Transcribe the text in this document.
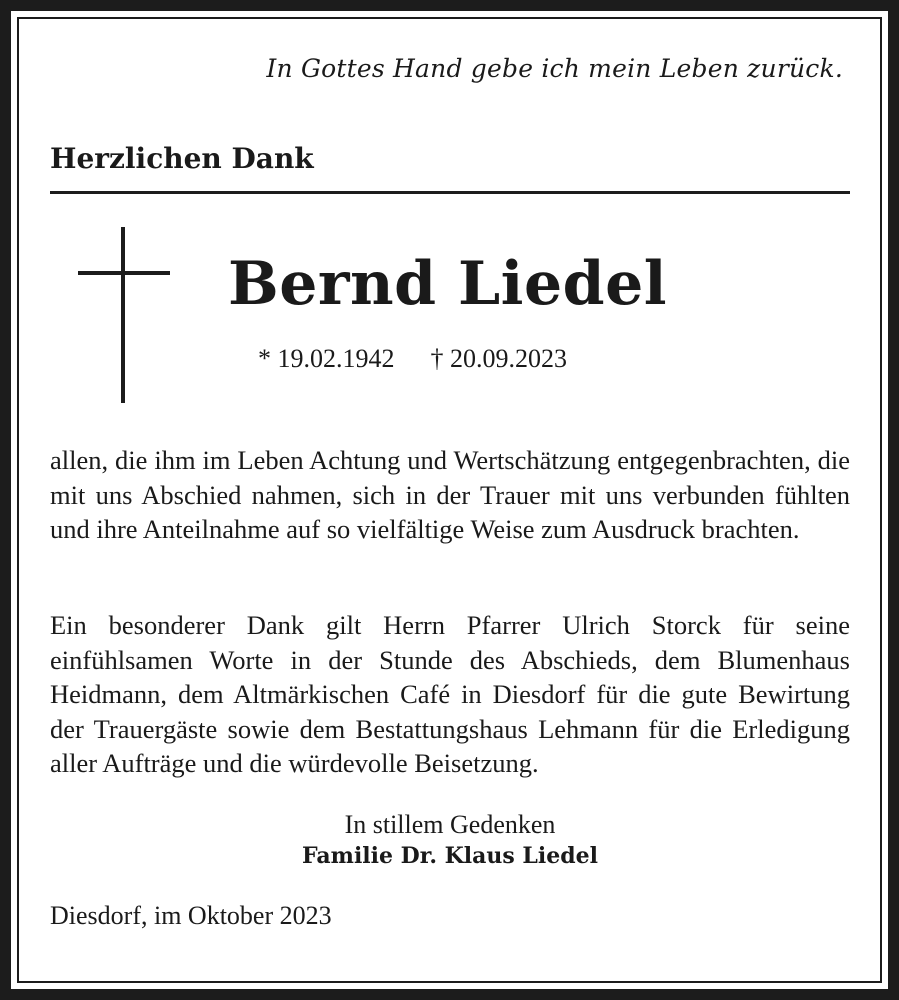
In Gottes Hand gebe ich mein Leben zurück.
Herzlichen Dank
Bernd Liedel
* 19.02.1942 † 20.09.2023
allen, die ihm im Leben Achtung und Wertschätzung entgegenbrachten, die mit uns Abschied nahmen, sich in der Trauer mit uns verbunden fühlten und ihre Anteilnahme auf so vielfältige Weise zum Ausdruck brachten.
Ein besonderer Dank gilt Herrn Pfarrer Ulrich Storck für seine einfühlsamen Worte in der Stunde des Abschieds, dem Blumenhaus Heidmann, dem Altmärkischen Café in Diesdorf für die gute Bewirtung der Trauergäste sowie dem Bestattungshaus Lehmann für die Erledigung aller Aufträge und die würdevolle Beisetzung.
In stillem Gedenken
Familie Dr. Klaus Liedel
Diesdorf, im Oktober 2023
